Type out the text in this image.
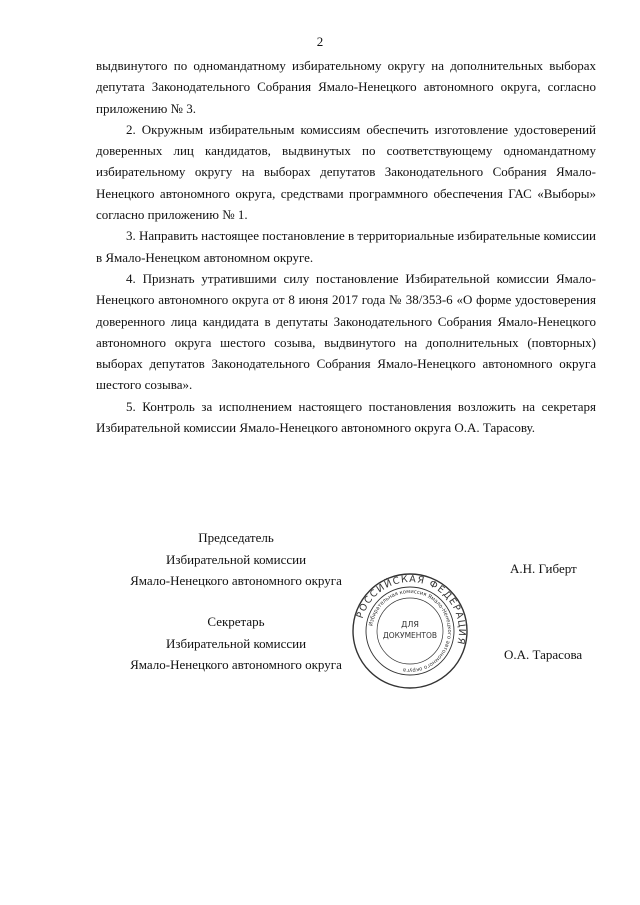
2

выдвинутого по одномандатному избирательному округу на дополнительных выборах депутата Законодательного Собрания Ямало-Ненецкого автономного округа, согласно приложению № 3.

2. Окружным избирательным комиссиям обеспечить изготовление удостоверений доверенных лиц кандидатов, выдвинутых по соответствующему одномандатному избирательному округу на выборах депутатов Законодательного Собрания Ямало-Ненецкого автономного округа, средствами программного обеспечения ГАС «Выборы» согласно приложению № 1.

3. Направить настоящее постановление в территориальные избирательные комиссии в Ямало-Ненецком автономном округе.

4. Признать утратившими силу постановление Избирательной комиссии Ямало-Ненецкого автономного округа от 8 июня 2017 года № 38/353-6 «О форме удостоверения доверенного лица кандидата в депутаты Законодательного Собрания Ямало-Ненецкого автономного округа шестого созыва, выдвинутого на дополнительных (повторных) выборах депутатов Законодательного Собрания Ямало-Ненецкого автономного округа шестого созыва».

5. Контроль за исполнением настоящего постановления возложить на секретаря Избирательной комиссии Ямало-Ненецкого автономного округа О.А. Тарасову.

Председатель
Избирательной комиссии
Ямало-Ненецкого автономного округа
А.Н. Гиберт
Секретарь
Избирательной комиссии
Ямало-Ненецкого автономного округа
О.А. Тарасова
РОССИЙСКАЯ ФЕДЕРАЦИЯ
Избирательная комиссия Ямало-Ненецкого автономного округа
ДЛЯ
ДОКУМЕНТОВ
